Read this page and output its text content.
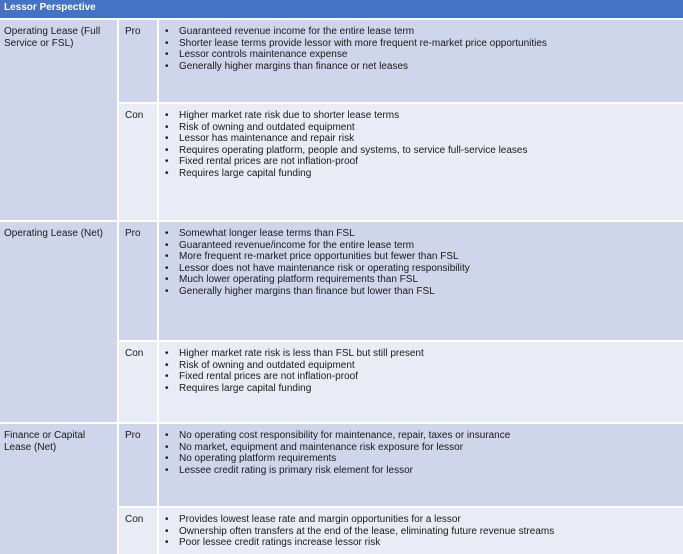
Lessor Perspective
Operating Lease (Full Service or FSL)
Pro	• Guaranteed revenue income for the entire lease term
• Shorter lease terms provide lessor with more frequent re-market price opportunities
• Lessor controls maintenance expense
• Generally higher margins than finance or net leases
Con	• Higher market rate risk due to shorter lease terms
• Risk of owning and outdated equipment
• Lessor has maintenance and repair risk
• Requires operating platform, people and systems, to service full-service leases
• Fixed rental prices are not inflation-proof
• Requires large capital funding
Operating Lease (Net)	Pro	• Somewhat longer lease terms than FSL
• Guaranteed revenue/income for the entire lease term
• More frequent re-market price opportunities but fewer than FSL
• Lessor does not have maintenance risk or operating responsibility
• Much lower operating platform requirements than FSL
• Generally higher margins than finance but lower than FSL
Con	• Higher market rate risk is less than FSL but still present
• Risk of owning and outdated equipment
• Fixed rental prices are not inflation-proof
• Requires large capital funding
Finance or Capital Lease (Net)
Pro	• No operating cost responsibility for maintenance, repair, taxes or insurance
• No market, equipment and maintenance risk exposure for lessor
• No operating platform requirements
• Lessee credit rating is primary risk element for lessor
Con	• Provides lowest lease rate and margin opportunities for a lessor
• Ownership often transfers at the end of the lease, eliminating future revenue streams
• Poor lessee credit ratings increase lessor risk
